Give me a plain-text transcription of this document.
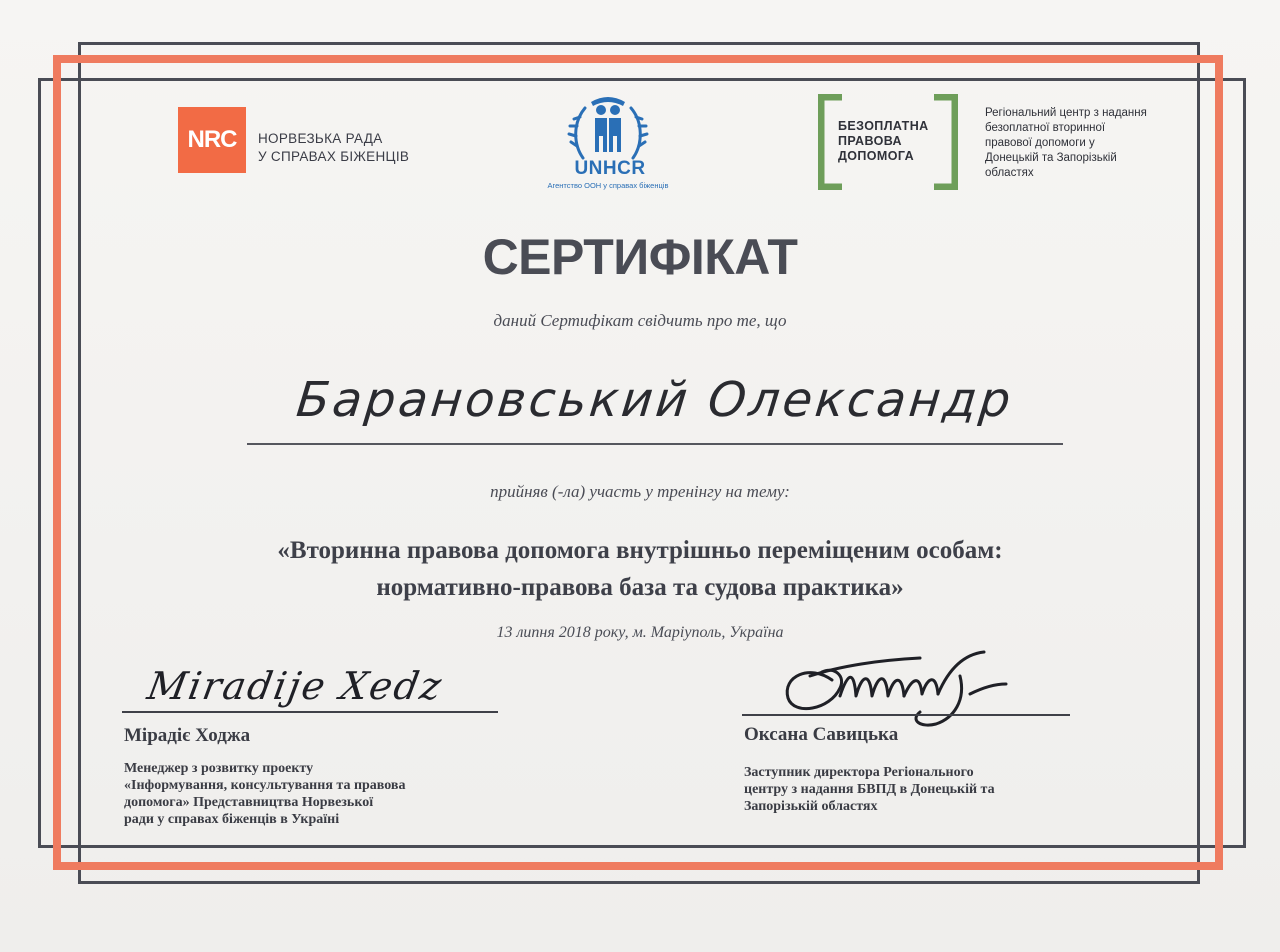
NRC	НОРВЕЗЬКА РАДА
У СПРАВАХ БІЖЕНЦІВ
UNHCR
Агентство ООН у справах біженців
БЕЗОПЛАТНА
ПРАВОВА
ДОПОМОГА
Регіональний центр з надання
безоплатної вторинної
правової допомоги у
Донецькій та Запорізькій
областях
СЕРТИФІКАТ
даний Сертифікат свідчить про те, що
Барановський Олександр
прийняв (-ла) участь у тренінгу на тему:
«Вторинна правова допомога внутрішньо переміщеним особам:
нормативно-правова база та судова практика»
13 липня 2018 року, м. Маріуполь, Україна
Miradije Xedz
Мірадіє Ходжа
Менеджер з розвитку проекту
«Інформування, консультування та правова
допомога» Представництва Норвезької
ради у справах біженців в Україні
Оксана Савицька
Заступник директора Регіонального
центру з надання БВПД в Донецькій та
Запорізькій областях
